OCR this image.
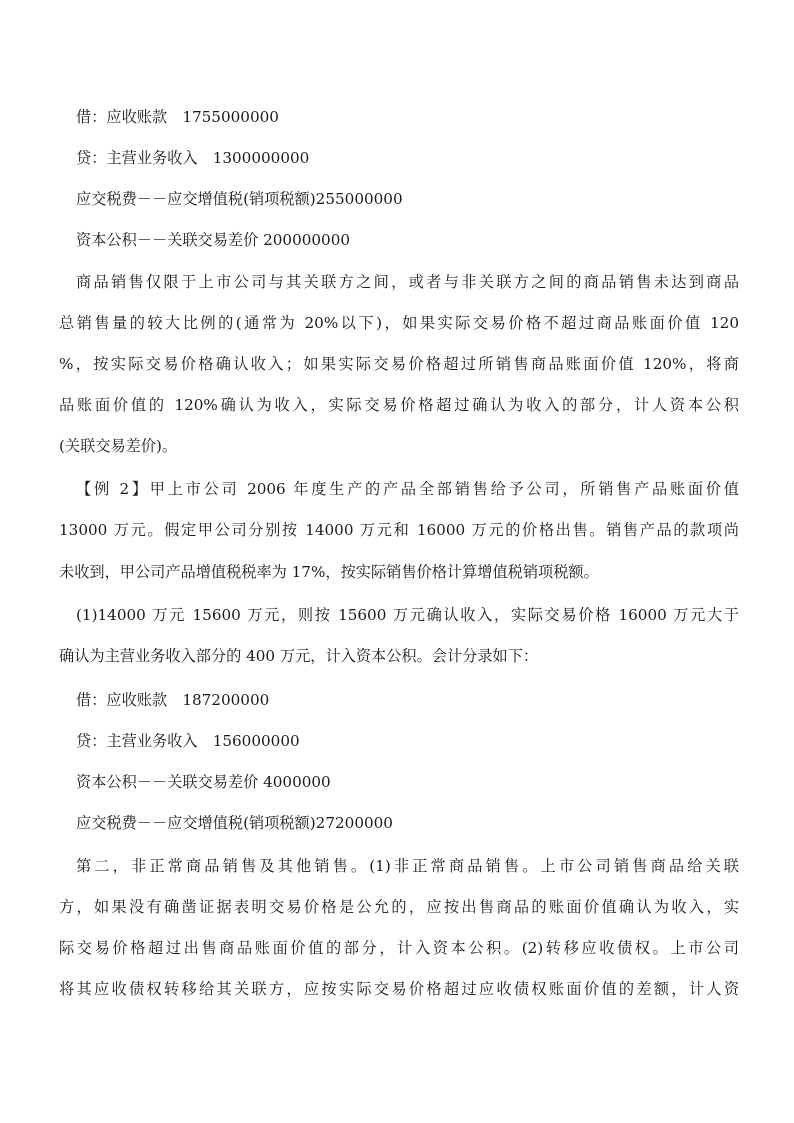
借：应收账款　1755000000
贷：主营业务收入　1300000000
应交税费－－应交增值税(销项税额)255000000
资本公积－－关联交易差价 200000000
商品销售仅限于上市公司与其关联方之间，或者与非关联方之间的商品销售未达到商品
总销售量的较大比例的(通常为 20%以下)，如果实际交易价格不超过商品账面价值 120
%，按实际交易价格确认收入；如果实际交易价格超过所销售商品账面价值 120%，将商
品账面价值的 120%确认为收入，实际交易价格超过确认为收入的部分，计人资本公积
(关联交易差价)。
【例 2】甲上市公司 2006 年度生产的产品全部销售给予公司，所销售产品账面价值
13000 万元。假定甲公司分别按 14000 万元和 16000 万元的价格出售。销售产品的款项尚
未收到，甲公司产品增值税税率为 17%，按实际销售价格计算增值税销项税额。
(1)14000 万元 15600 万元，则按 15600 万元确认收入，实际交易价格 16000 万元大于
确认为主营业务收入部分的 400 万元，计入资本公积。会计分录如下：
借：应收账款　187200000
贷：主营业务收入　156000000
资本公积－－关联交易差价 4000000
应交税费－－应交增值税(销项税额)27200000
第二，非正常商品销售及其他销售。(1)非正常商品销售。上市公司销售商品给关联
方，如果没有确凿证据表明交易价格是公允的，应按出售商品的账面价值确认为收入，实
际交易价格超过出售商品账面价值的部分，计入资本公积。(2)转移应收债权。上市公司
将其应收债权转移给其关联方，应按实际交易价格超过应收债权账面价值的差额，计人资
